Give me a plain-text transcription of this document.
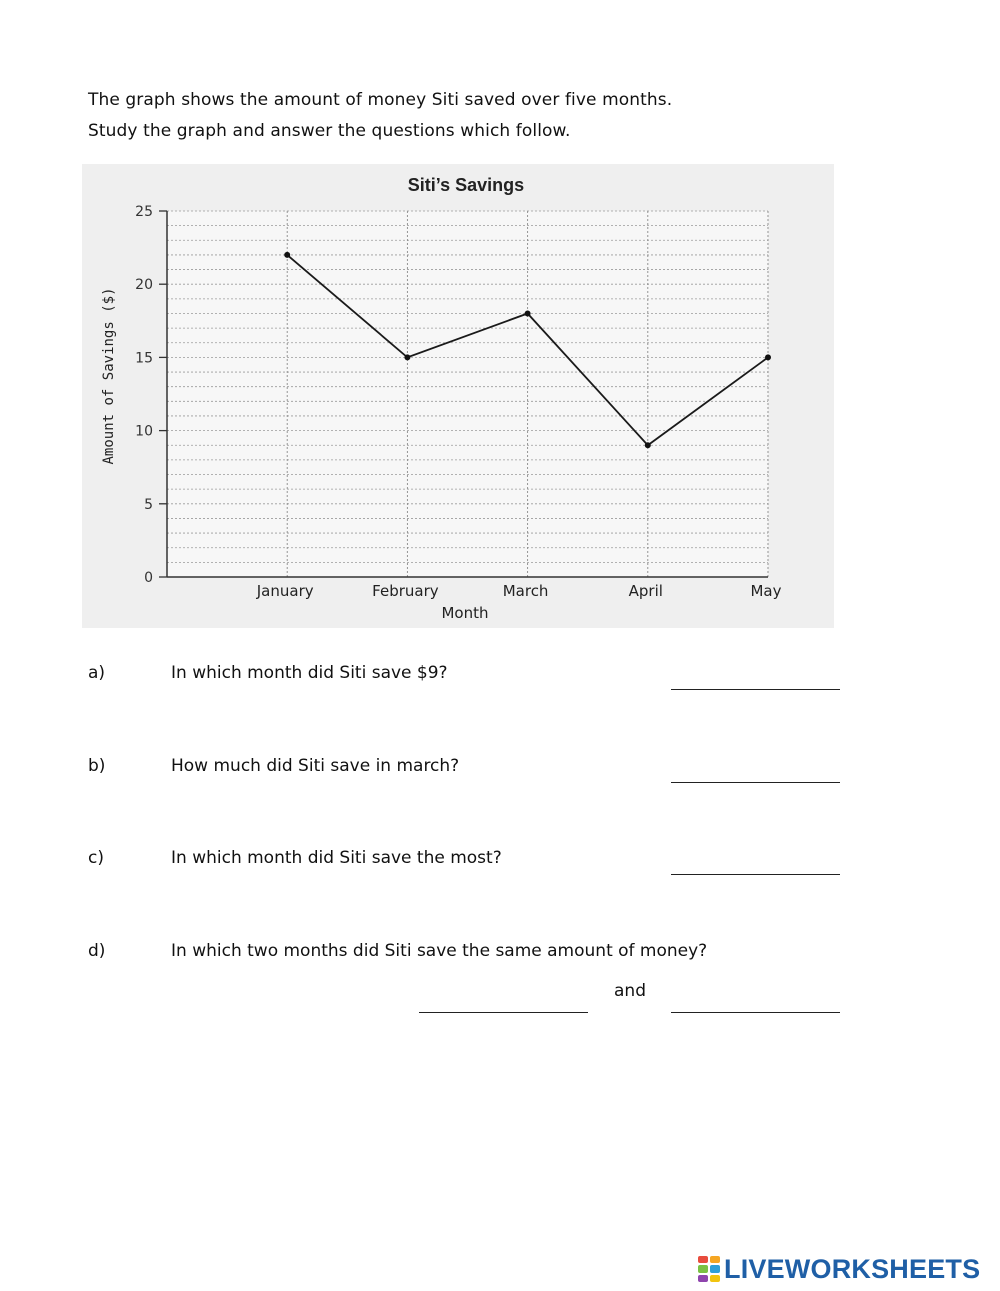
The graph shows the amount of money Siti saved over five months.
Study the graph and answer the questions which follow.
Siti’s Savings
0
5
10
15
20
25
January	February	March	April	May
Month
Amount of Savings ($)
a)	In which month did Siti save $9?
b)	How much did Siti save in march?
c)	In which month did Siti save the most?
d)	In which two months did Siti save the same amount of money?
and
LIVEWORKSHEETS
